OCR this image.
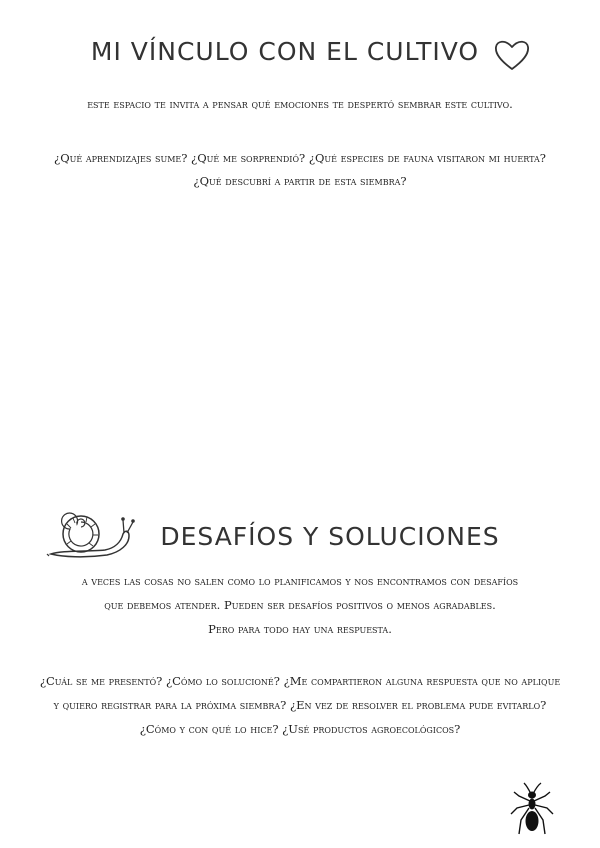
MI VÍNCULO CON EL CULTIVO
este espacio te invita a pensar qué emociones te despertó sembrar este cultivo.
¿Qué aprendizajes sume? ¿Qué me sorprendió? ¿Qué especies de fauna visitaron mi huerta?
¿Qué descubrí a partir de esta siembra?
DESAFÍOS Y SOLUCIONES
a veces las cosas no salen como lo planificamos y nos encontramos con desafíos
que debemos atender. Pueden ser desafíos positivos o menos agradables.
Pero para todo hay una respuesta.
¿Cuál se me presentó? ¿Cómo lo solucioné? ¿Me compartieron alguna respuesta que no aplique
y quiero registrar para la próxima siembra? ¿En vez de resolver el problema pude evitarlo?
¿Cómo y con qué lo hice? ¿Usé productos agroecológicos?
